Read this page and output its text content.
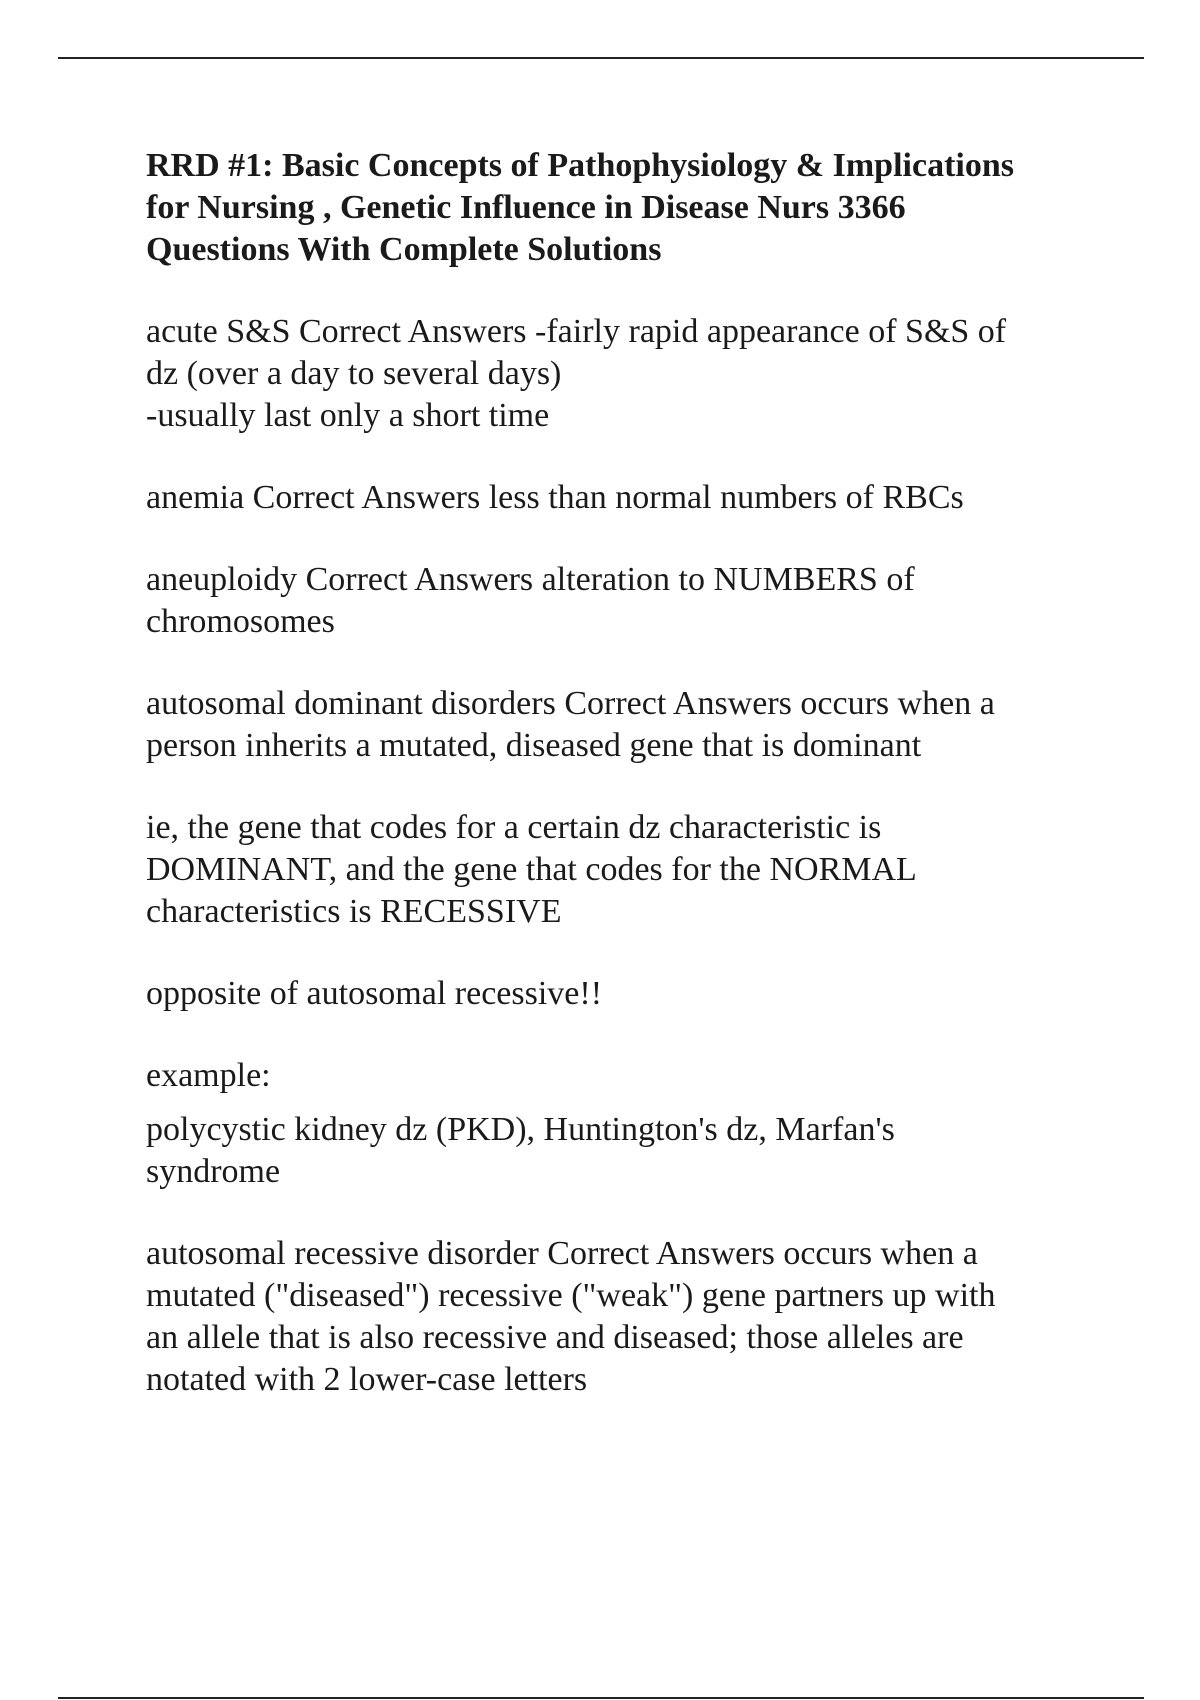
RRD #1: Basic Concepts of Pathophysiology & Implications
for Nursing , Genetic Influence in Disease Nurs 3366
Questions With Complete Solutions
acute S&S Correct Answers -fairly rapid appearance of S&S of
dz (over a day to several days)
-usually last only a short time
anemia Correct Answers less than normal numbers of RBCs
aneuploidy Correct Answers alteration to NUMBERS of
chromosomes
autosomal dominant disorders Correct Answers occurs when a
person inherits a mutated, diseased gene that is dominant
ie, the gene that codes for a certain dz characteristic is
DOMINANT, and the gene that codes for the NORMAL
characteristics is RECESSIVE
opposite of autosomal recessive!!
example:
polycystic kidney dz (PKD), Huntington's dz, Marfan's
syndrome
autosomal recessive disorder Correct Answers occurs when a
mutated ("diseased") recessive ("weak") gene partners up with
an allele that is also recessive and diseased; those alleles are
notated with 2 lower-case letters
